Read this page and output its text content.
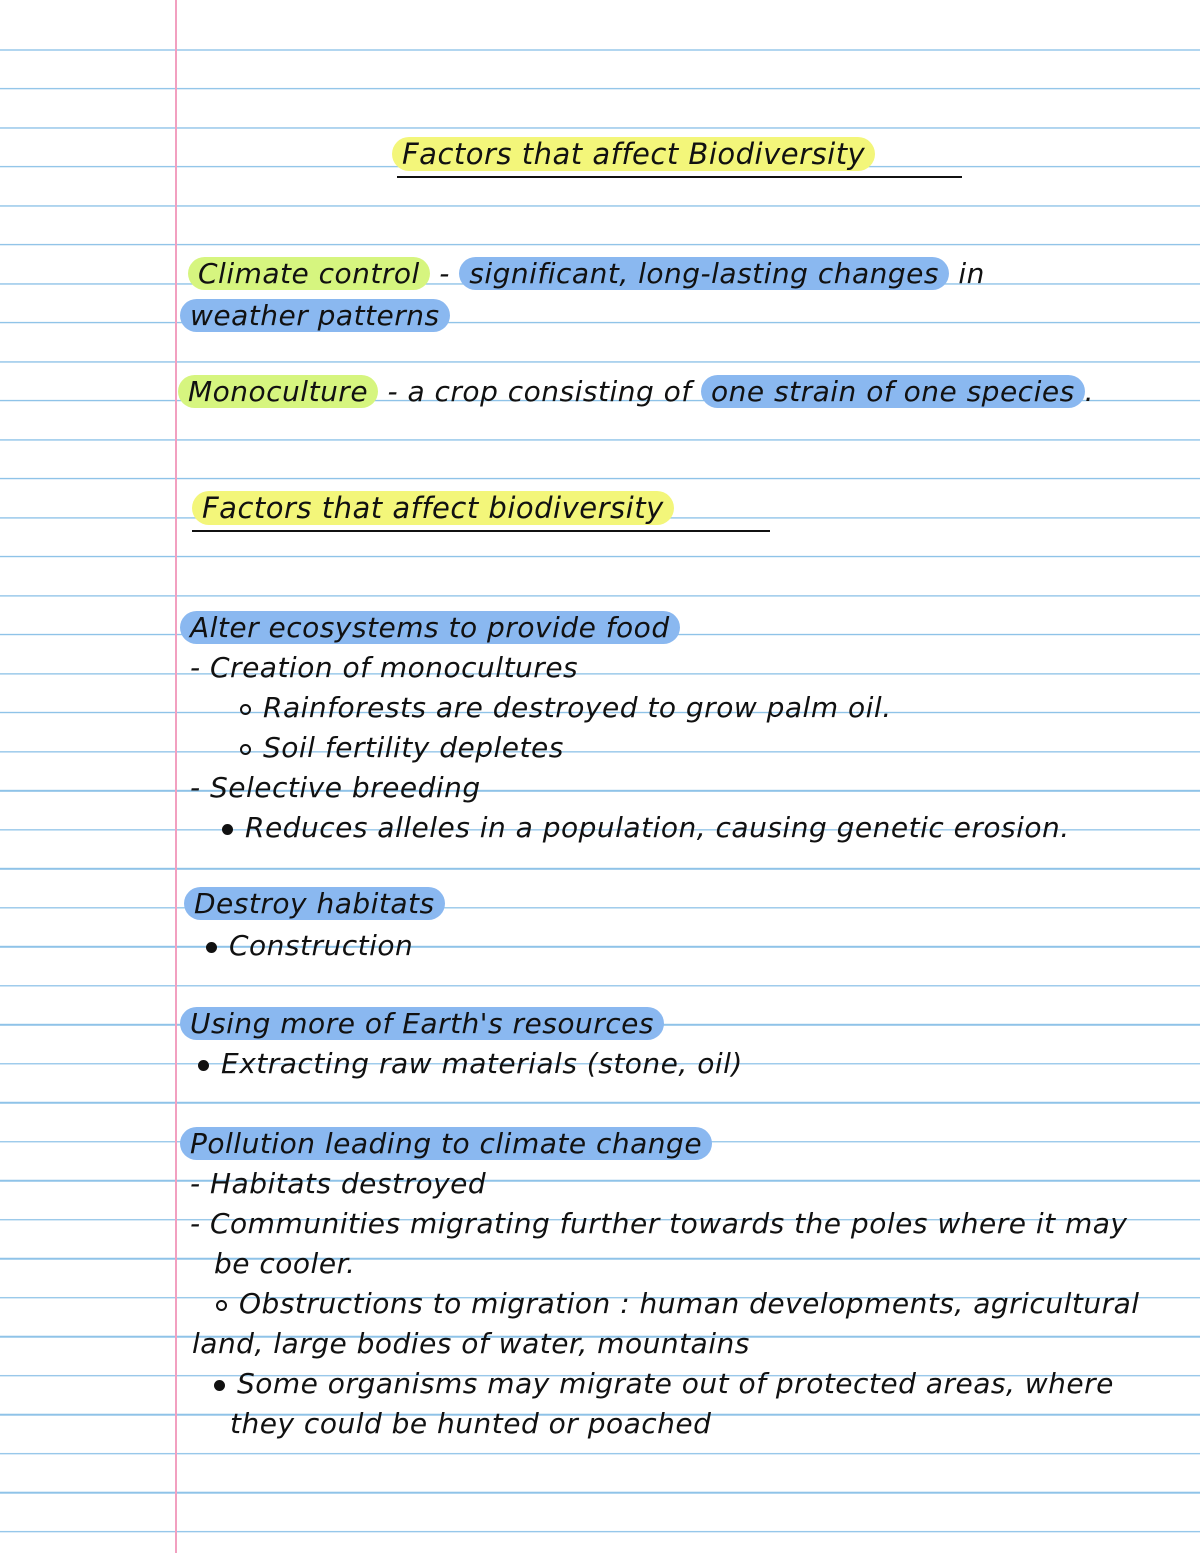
Factors that affect Biodiversity
Climate control - significant, long-lasting changes in
weather patterns
Monoculture - a crop consisting of one strain of one species .
Factors that affect biodiversity
Alter ecosystems to provide food
- Creation of monocultures
Rainforests are destroyed to grow palm oil.
Soil fertility depletes
- Selective breeding
Reduces alleles in a population, causing genetic erosion.
Destroy habitats
Construction
Using more of Earth's resources
Extracting raw materials (stone, oil)
Pollution leading to climate change
- Habitats destroyed
- Communities migrating further towards the poles where it may
be cooler.
Obstructions to migration : human developments, agricultural
land, large bodies of water, mountains
Some organisms may migrate out of protected areas, where
they could be hunted or poached
